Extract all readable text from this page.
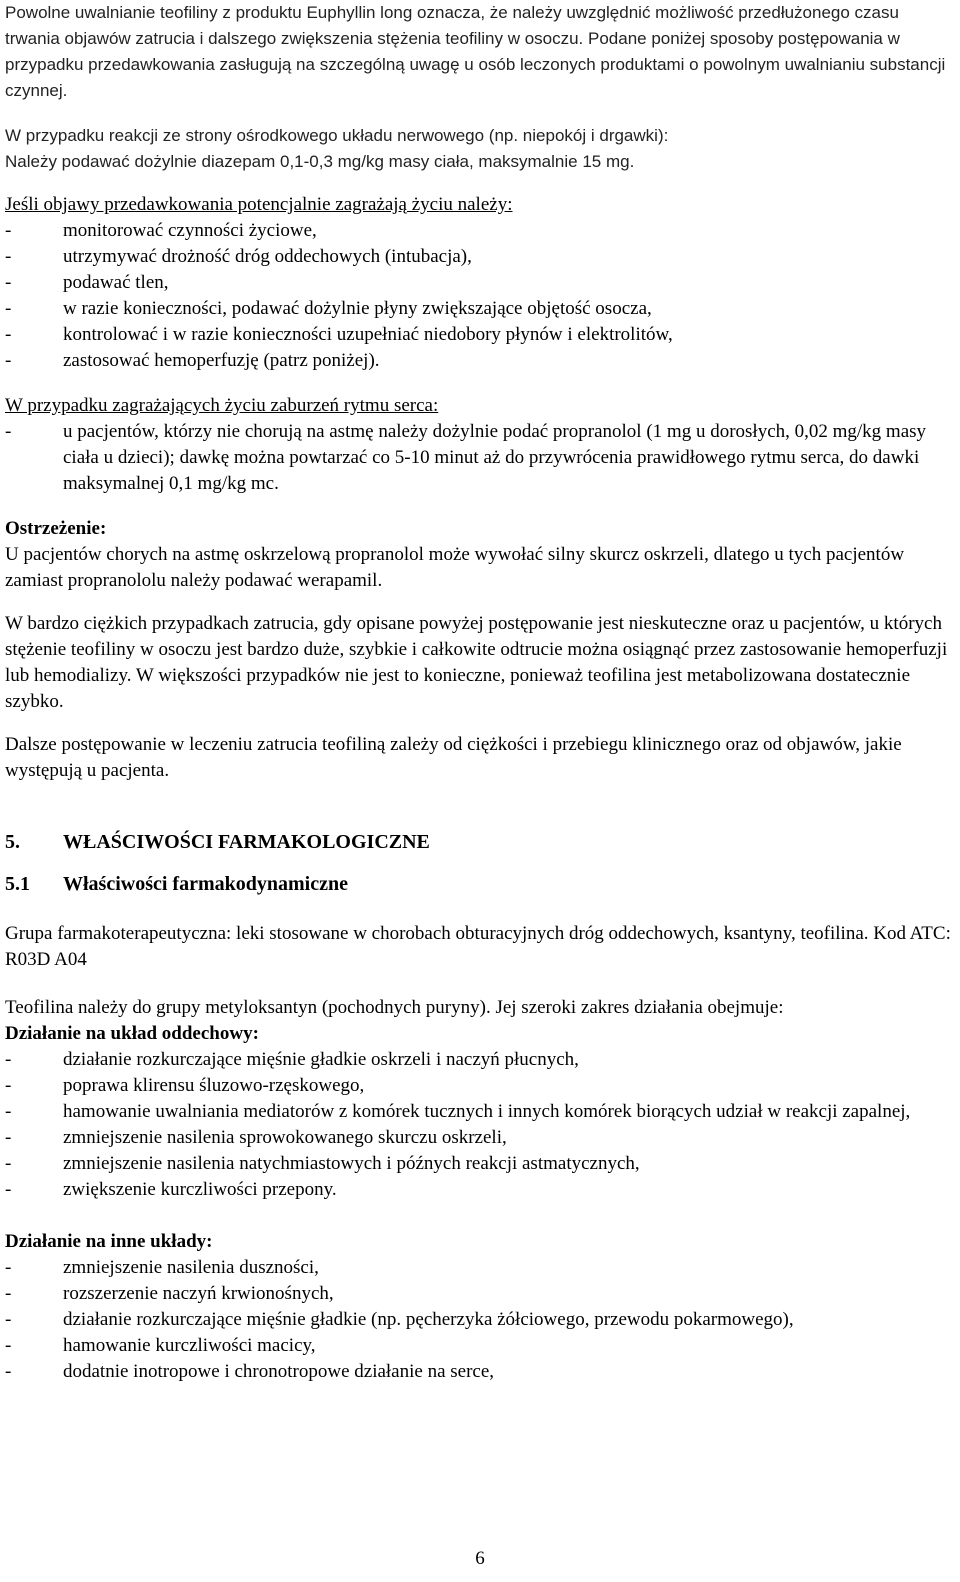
Powolne uwalnianie teofiliny z produktu Euphyllin long oznacza, że należy uwzględnić możliwość przedłużonego czasu trwania objawów zatrucia i dalszego zwiększenia stężenia teofiliny w osoczu. Podane poniżej sposoby postępowania w przypadku przedawkowania zasługują na szczególną uwagę u osób leczonych produktami o powolnym uwalnianiu substancji czynnej.

W przypadku reakcji ze strony ośrodkowego układu nerwowego (np. niepokój i drgawki):

Należy podawać dożylnie diazepam 0,1-0,3 mg/kg masy ciała, maksymalnie 15 mg.

Jeśli objawy przedawkowania potencjalnie zagrażają życiu należy:

-	monitorować czynności życiowe,
-	utrzymywać drożność dróg oddechowych (intubacja),
-	podawać tlen,
-	w razie konieczności, podawać dożylnie płyny zwiększające objętość osocza,
-	kontrolować i w razie konieczności uzupełniać niedobory płynów i elektrolitów,
-	zastosować hemoperfuzję (patrz poniżej).

W przypadku zagrażających życiu zaburzeń rytmu serca:

-	u pacjentów, którzy nie chorują na astmę należy dożylnie podać propranolol (1 mg u dorosłych, 0,02 mg/kg masy ciała u dzieci); dawkę można powtarzać co 5-10 minut aż do przywrócenia prawidłowego rytmu serca, do dawki maksymalnej 0,1 mg/kg mc.

Ostrzeżenie:

U pacjentów chorych na astmę oskrzelową propranolol może wywołać silny skurcz oskrzeli, dlatego u tych pacjentów zamiast propranololu należy podawać werapamil.

W bardzo ciężkich przypadkach zatrucia, gdy opisane powyżej postępowanie jest nieskuteczne oraz u pacjentów, u których stężenie teofiliny w osoczu jest bardzo duże, szybkie i całkowite odtrucie można osiągnąć przez zastosowanie hemoperfuzji lub hemodializy. W większości przypadków nie jest to konieczne, ponieważ teofilina jest metabolizowana dostatecznie szybko.

Dalsze postępowanie w leczeniu zatrucia teofiliną zależy od ciężkości i przebiegu klinicznego oraz od objawów, jakie występują u pacjenta.

5. WŁAŚCIWOŚCI FARMAKOLOGICZNE

5.1 Właściwości farmakodynamiczne

Grupa farmakoterapeutyczna: leki stosowane w chorobach obturacyjnych dróg oddechowych, ksantyny, teofilina. Kod ATC: R03D A04

Teofilina należy do grupy metyloksantyn (pochodnych puryny). Jej szeroki zakres działania obejmuje:

Działanie na układ oddechowy:

-	działanie rozkurczające mięśnie gładkie oskrzeli i naczyń płucnych,
-	poprawa klirensu śluzowo-rzęskowego,
-	hamowanie uwalniania mediatorów z komórek tucznych i innych komórek biorących udział w reakcji zapalnej,
-	zmniejszenie nasilenia sprowokowanego skurczu oskrzeli,
-	zmniejszenie nasilenia natychmiastowych i późnych reakcji astmatycznych,
-	zwiększenie kurczliwości przepony.

Działanie na inne układy:

-	zmniejszenie nasilenia duszności,
-	rozszerzenie naczyń krwionośnych,
-	działanie rozkurczające mięśnie gładkie (np. pęcherzyka żółciowego, przewodu pokarmowego),
-	hamowanie kurczliwości macicy,
-	dodatnie inotropowe i chronotropowe działanie na serce,
6
